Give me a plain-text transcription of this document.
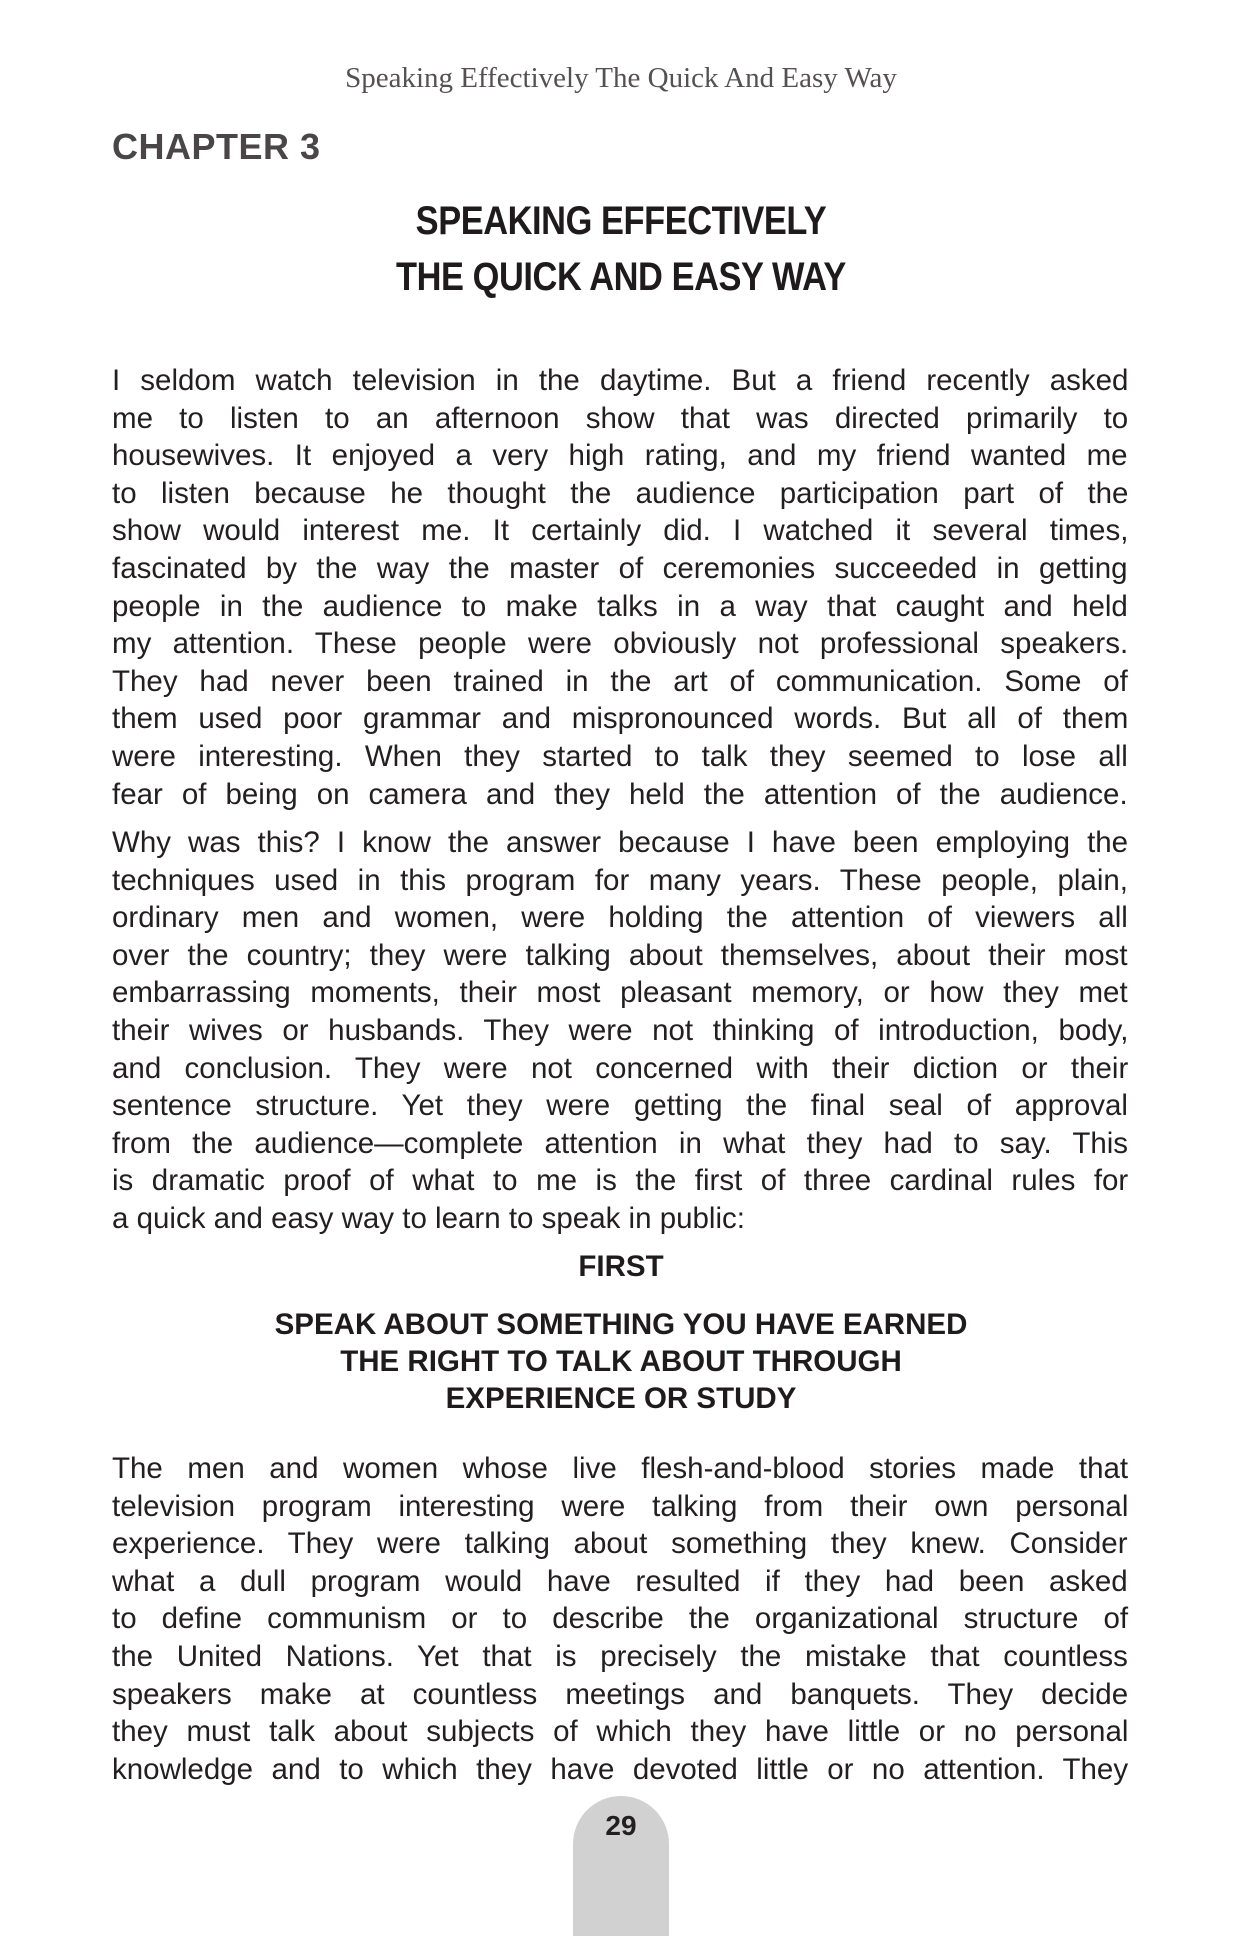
Speaking Effectively The Quick And Easy Way
CHAPTER 3
SPEAKING EFFECTIVELY
THE QUICK AND EASY WAY
I seldom watch television in the daytime. But a friend recently asked
me to listen to an afternoon show that was directed primarily to
housewives. It enjoyed a very high rating, and my friend wanted me
to listen because he thought the audience participation part of the
show would interest me. It certainly did. I watched it several times,
fascinated by the way the master of ceremonies succeeded in getting
people in the audience to make talks in a way that caught and held
my attention. These people were obviously not professional speakers.
They had never been trained in the art of communication. Some of
them used poor grammar and mispronounced words. But all of them
were interesting. When they started to talk they seemed to lose all
fear of being on camera and they held the attention of the audience.
Why was this? I know the answer because I have been employing the
techniques used in this program for many years. These people, plain,
ordinary men and women, were holding the attention of viewers all
over the country; they were talking about themselves, about their most
embarrassing moments, their most pleasant memory, or how they met
their wives or husbands. They were not thinking of introduction, body,
and conclusion. They were not concerned with their diction or their
sentence structure. Yet they were getting the final seal of approval
from the audience—complete attention in what they had to say. This
is dramatic proof of what to me is the first of three cardinal rules for
a quick and easy way to learn to speak in public:
FIRST
SPEAK ABOUT SOMETHING YOU HAVE EARNED
THE RIGHT TO TALK ABOUT THROUGH
EXPERIENCE OR STUDY
The men and women whose live flesh-and-blood stories made that
television program interesting were talking from their own personal
experience. They were talking about something they knew. Consider
what a dull program would have resulted if they had been asked
to define communism or to describe the organizational structure of
the United Nations. Yet that is precisely the mistake that countless
speakers make at countless meetings and banquets. They decide
they must talk about subjects of which they have little or no personal
knowledge and to which they have devoted little or no attention. They
29
